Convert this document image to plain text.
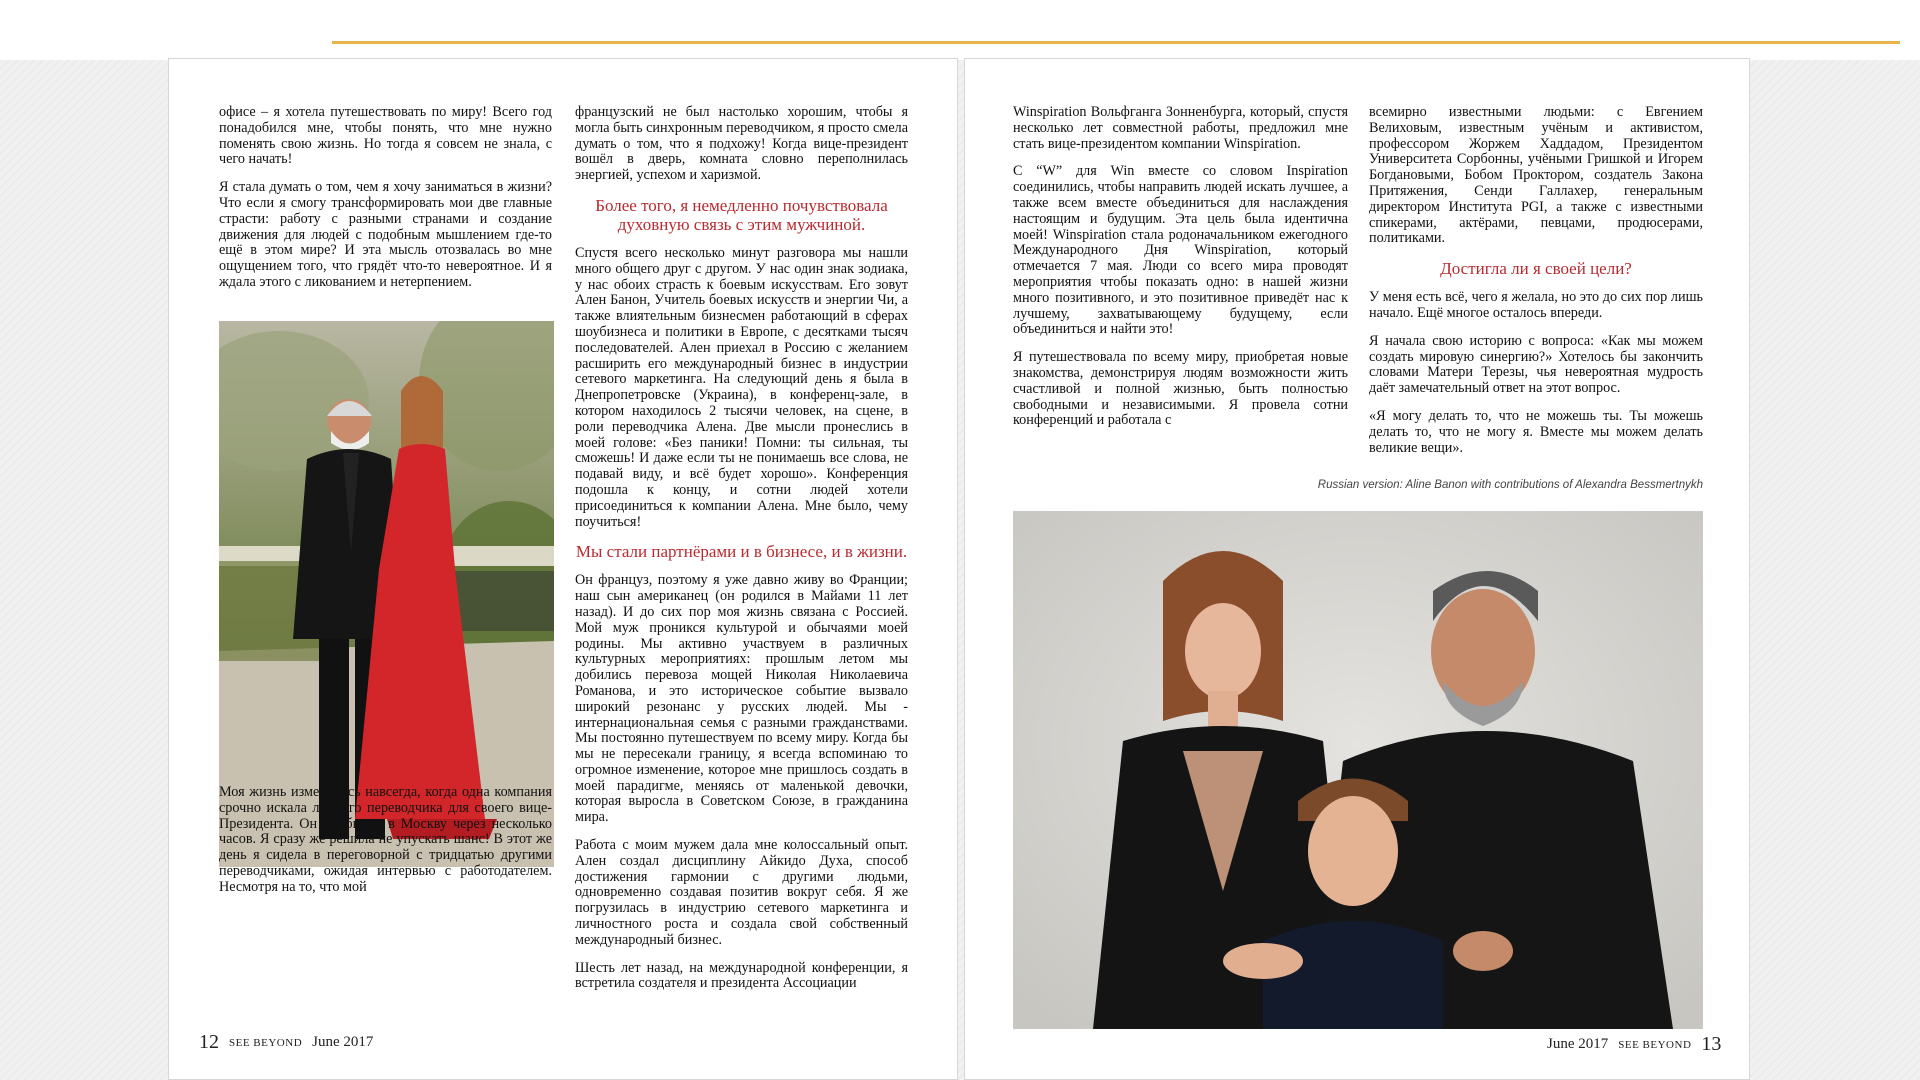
офисе – я хотела путешествовать по миру! Всего год понадобился мне, чтобы понять, что мне нужно поменять свою жизнь. Но тогда я совсем не знала, с чего начать!

Я стала думать о том, чем я хочу заниматься в жизни? Что если я смогу трансформировать мои две главные страсти: работу с разными странами и создание движения для людей с подобным мышлением где-то ещё в этом мире? И эта мысль отозвалась во мне ощущением того, что грядёт что-то невероятное. И я ждала этого с ликованием и нетерпением.

Моя жизнь изменилась навсегда, когда одна компания срочно искала личного переводчика для своего вице-Президента. Он прибывал в Москву через несколько часов. Я сразу же решила не упускать шанс! В этот же день я сидела в переговорной с тридцатью другими переводчиками, ожидая интервью с работодателем. Несмотря на то, что мой

французский не был настолько хорошим, чтобы я могла быть синхронным переводчиком, я просто смела думать о том, что я подхожу! Когда вице-президент вошёл в дверь, комната словно переполнилась энергией, успехом и харизмой.

Более того, я немедленно почувствовала духовную связь с этим мужчиной.

Спустя всего несколько минут разговора мы нашли много общего друг с другом. У нас один знак зодиака, у нас обоих страсть к боевым искусствам. Его зовут Ален Банон, Учитель боевых искусств и энергии Чи, а также влиятельным бизнесмен работающий в сферах шоубизнеса и политики в Европе, с десятками тысяч последователей. Ален приехал в Россию с желанием расширить его международный бизнес в индустрии сетевого маркетинга. На следующий день я была в Днепропетровске (Украина), в конференц-зале, в котором находилось 2 тысячи человек, на сцене, в роли переводчика Алена. Две мысли пронеслись в моей голове: «Без паники! Помни: ты сильная, ты сможешь! И даже если ты не понимаешь все слова, не подавай виду, и всё будет хорошо». Конференция подошла к концу, и сотни людей хотели присоединиться к компании Алена. Мне было, чему поучиться!

Мы стали партнёрами и в бизнесе, и в жизни.

Он француз, поэтому я уже давно живу во Франции; наш сын американец (он родился в Майами 11 лет назад). И до сих пор моя жизнь связана с Россией. Мой муж проникся культурой и обычаями моей родины. Мы активно участвуем в различных культурных мероприятиях: прошлым летом мы добились перевоза мощей Николая Николаевича Романова, и это историческое событие вызвало широкий резонанс у русских людей. Мы - интернациональная семья с разными гражданствами. Мы постоянно путешествуем по всему миру. Когда бы мы не пересекали границу, я всегда вспоминаю то огромное изменение, которое мне пришлось создать в моей парадигме, меняясь от маленькой девочки, которая выросла в Советском Союзе, в гражданина мира.

Работа с моим мужем дала мне колоссальный опыт. Ален создал дисциплину Айкидо Духа, способ достижения гармонии с другими людьми, одновременно создавая позитив вокруг себя. Я же погрузилась в индустрию сетевого маркетинга и личностного роста и создала свой собственный международный бизнес.

Шесть лет назад, на международной конференции, я встретила создателя и президента Ассоциации

12 SEE BEYOND June 2017

Winspiration Вольфганга Зонненбурга, который, спустя несколько лет совместной работы, предложил мне стать вице-президентом компании Winspiration.

С “W” для Win вместе со словом Inspiration соединились, чтобы направить людей искать лучшее, а также всем вместе объединиться для наслаждения настоящим и будущим. Эта цель была идентична моей! Winspiration стала родоначальником ежегодного Международного Дня Winspiration, который отмечается 7 мая. Люди со всего мира проводят мероприятия чтобы показать одно: в нашей жизни много позитивного, и это позитивное приведёт нас к лучшему, захватывающему будущему, если объединиться и найти это!

Я путешествовала по всему миру, приобретая новые знакомства, демонстрируя людям возможности жить счастливой и полной жизнью, быть полностью свободными и независимыми. Я провела сотни конференций и работала с

всемирно известными людьми: с Евгением Велиховым, известным учёным и активистом, профессором Жоржем Хаддадом, Президентом Университета Сорбонны, учёными Гришкой и Игорем Богдановыми, Бобом Проктором, создатель Закона Притяжения, Сенди Галлахер, генеральным директором Института PGI, а также с известными спикерами, актёрами, певцами, продюсерами, политиками.

Достигла ли я своей цели?

У меня есть всё, чего я желала, но это до сих пор лишь начало. Ещё многое осталось впереди.

Я начала свою историю с вопроса: «Как мы можем создать мировую синергию?» Хотелось бы закончить словами Матери Терезы, чья невероятная мудрость даёт замечательный ответ на этот вопрос.

«Я могу делать то, что не можешь ты. Ты можешь делать то, что не могу я. Вместе мы можем делать великие вещи».

Russian version: Aline Banon with contributions of Alexandra Bessmertnykh
June 2017 SEE BEYOND 13
